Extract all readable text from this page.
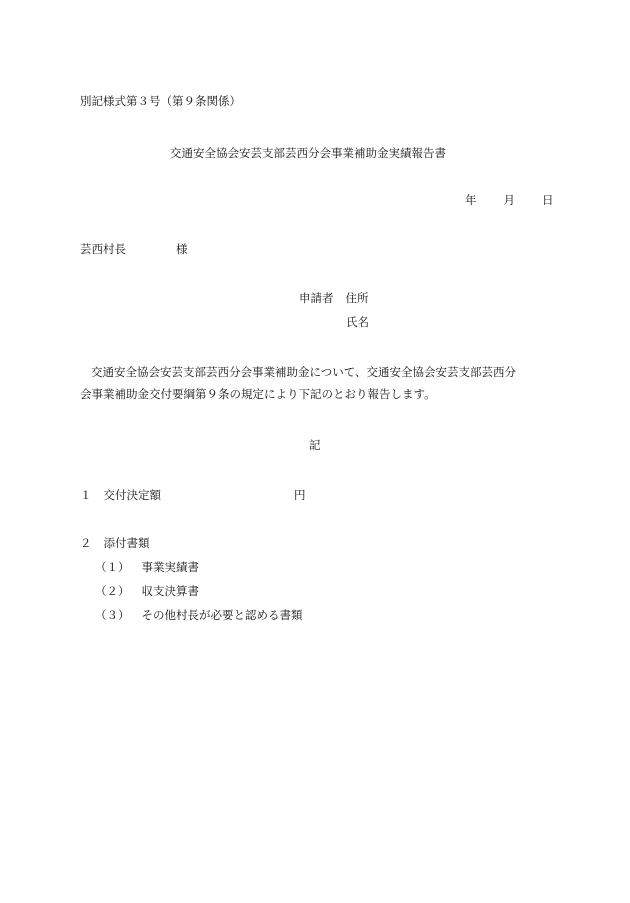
別記様式第３号（第９条関係）
交通安全協会安芸支部芸西分会事業補助金実績報告書
年 月 日
芸西村長	様
申請者 住所
氏名
交通安全協会安芸支部芸西分会事業補助金について、交通安全協会安芸支部芸西分
会事業補助金交付要綱第９条の規定により下記のとおり報告します。
記
１ 交付決定額	円
２ 添付書類
（１） 事業実績書
（２） 収支決算書
（３） その他村長が必要と認める書類
